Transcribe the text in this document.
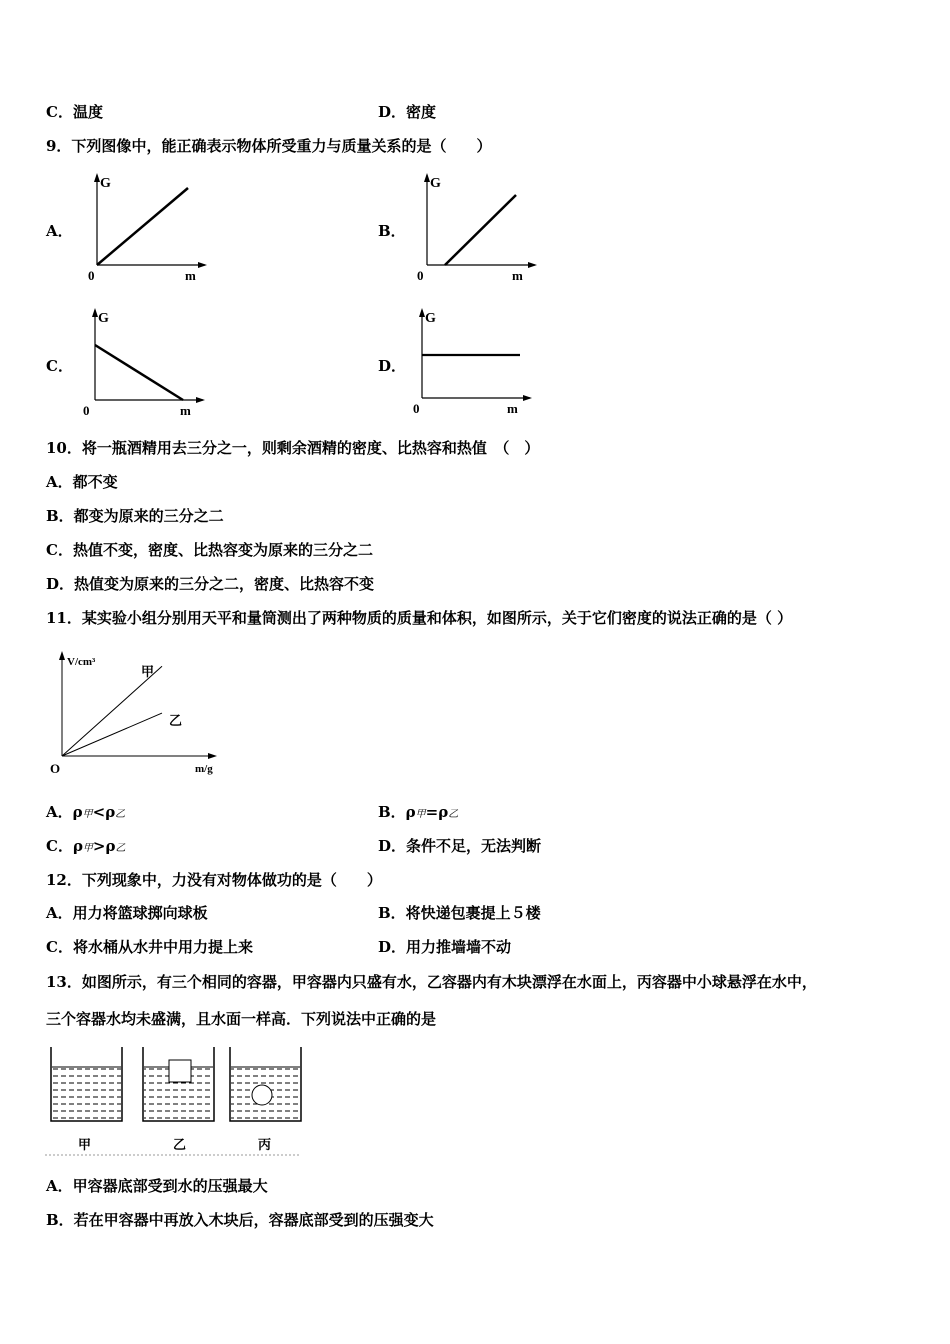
C．温度	D．密度
9．下列图像中，能正确表示物体所受重力与质量关系的是（　　）
A．
G
0	m
B．
G
0	m
C．
G
0	m
D．
G
0	m
10．将一瓶酒精用去三分之一，则剩余酒精的密度、比热容和热值　（　）
A．都不变
B．都变为原来的三分之二
C．热值不变，密度、比热容变为原来的三分之二
D．热值变为原来的三分之二，密度、比热容不变
11．某实验小组分别用天平和量筒测出了两种物质的质量和体积，如图所示，关于它们密度的说法正确的是（ ）
V/cm³
O	m/g
甲
乙
A．ρ甲<ρ乙	B．ρ甲=ρ乙
C．ρ甲>ρ乙	D．条件不足，无法判断
12．下列现象中，力没有对物体做功的是（　　）
A．用力将篮球掷向球板	B．将快递包裹提上５楼
C．将水桶从水井中用力提上来	D．用力推墙墙不动
13．如图所示，有三个相同的容器，甲容器内只盛有水，乙容器内有木块漂浮在水面上，丙容器中小球悬浮在水中，
三个容器水均未盛满，且水面一样高．下列说法中正确的是
甲	乙	丙
A．甲容器底部受到水的压强最大
B．若在甲容器中再放入木块后，容器底部受到的压强变大
